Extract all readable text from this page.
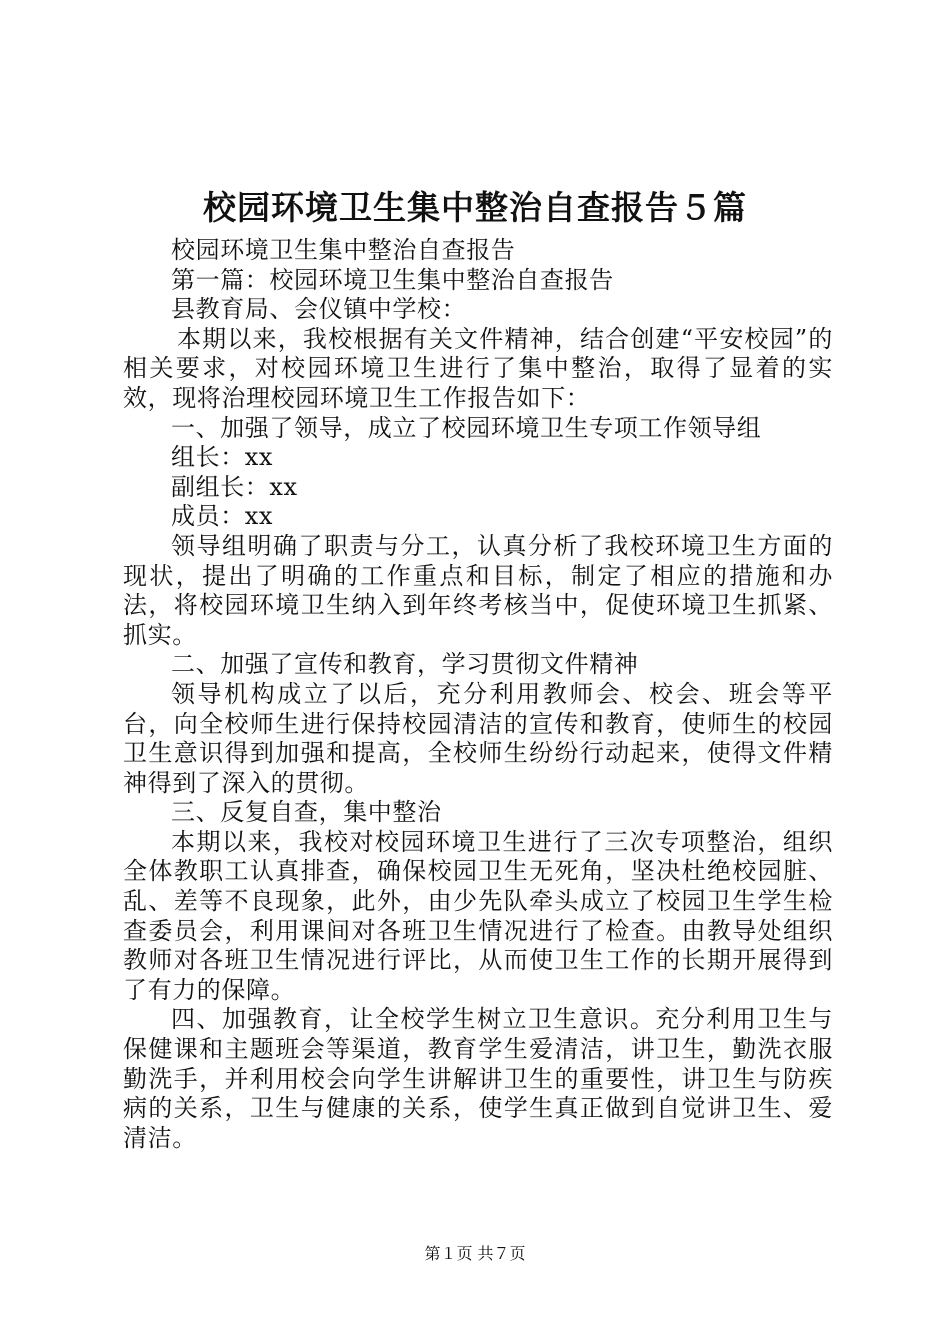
校园环境卫生集中整治自查报告５篇

校园环境卫生集中整治自查报告

第一篇：校园环境卫生集中整治自查报告

县教育局、会仪镇中学校：

本期以来，我校根据有关文件精神，结合创建“平安校园”的相关要求，对校园环境卫生进行了集中整治，取得了显着的实效，现将治理校园环境卫生工作报告如下：

一、加强了领导，成立了校园环境卫生专项工作领导组

组长：xx

副组长：xx

成员：xx

领导组明确了职责与分工，认真分析了我校环境卫生方面的现状，提出了明确的工作重点和目标，制定了相应的措施和办法，将校园环境卫生纳入到年终考核当中，促使环境卫生抓紧、抓实。

二、加强了宣传和教育，学习贯彻文件精神

领导机构成立了以后，充分利用教师会、校会、班会等平台，向全校师生进行保持校园清洁的宣传和教育，使师生的校园卫生意识得到加强和提高，全校师生纷纷行动起来，使得文件精神得到了深入的贯彻。

三、反复自查，集中整治

本期以来，我校对校园环境卫生进行了三次专项整治，组织全体教职工认真排查，确保校园卫生无死角，坚决杜绝校园脏、乱、差等不良现象，此外，由少先队牵头成立了校园卫生学生检查委员会，利用课间对各班卫生情况进行了检查。由教导处组织教师对各班卫生情况进行评比，从而使卫生工作的长期开展得到了有力的保障。

四、加强教育，让全校学生树立卫生意识。充分利用卫生与保健课和主题班会等渠道，教育学生爱清洁，讲卫生，勤洗衣服勤洗手，并利用校会向学生讲解讲卫生的重要性，讲卫生与防疾病的关系，卫生与健康的关系，使学生真正做到自觉讲卫生、爱清洁。

第１页 共７页
